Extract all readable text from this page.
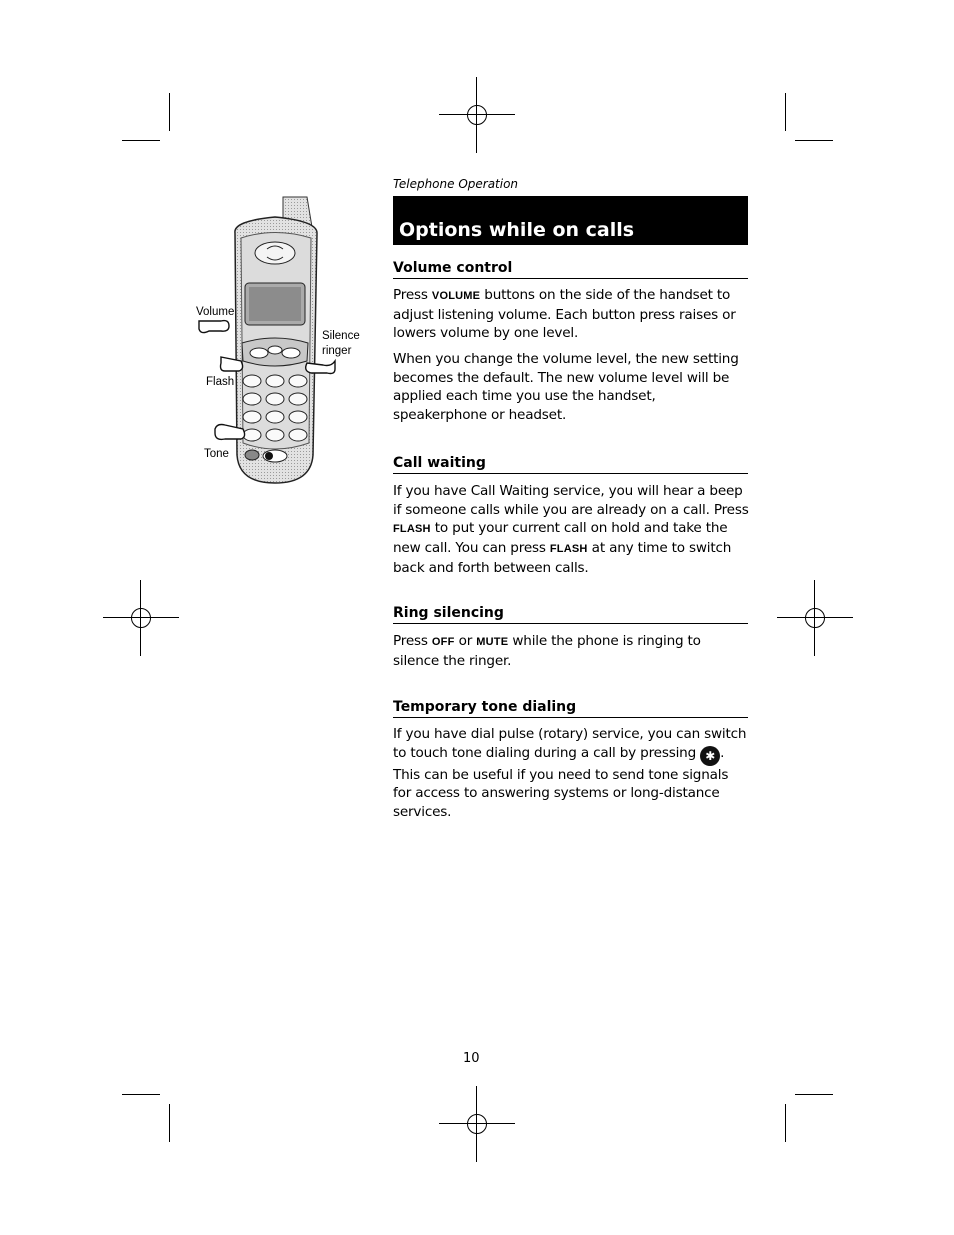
Telephone Operation
Options while on calls
Volume
Silence ringer
Flash
Tone
Volume control
Press VOLUME buttons on the side of the handset to adjust listening volume. Each button press raises or lowers volume by one level.
When you change the volume level, the new setting becomes the default. The new volume level will be applied each time you use the handset, speakerphone or headset.
Call waiting
If you have Call Waiting service, you will hear a beep if someone calls while you are already on a call. Press FLASH to put your current call on hold and take the new call. You can press FLASH at any time to switch back and forth between calls.
Ring silencing
Press OFF or MUTE while the phone is ringing to silence the ringer.
Temporary tone dialing
If you have dial pulse (rotary) service, you can switch to touch tone dialing during a call by pressing ✱ . This can be useful if you need to send tone signals for access to answering systems or long-distance services.
10
